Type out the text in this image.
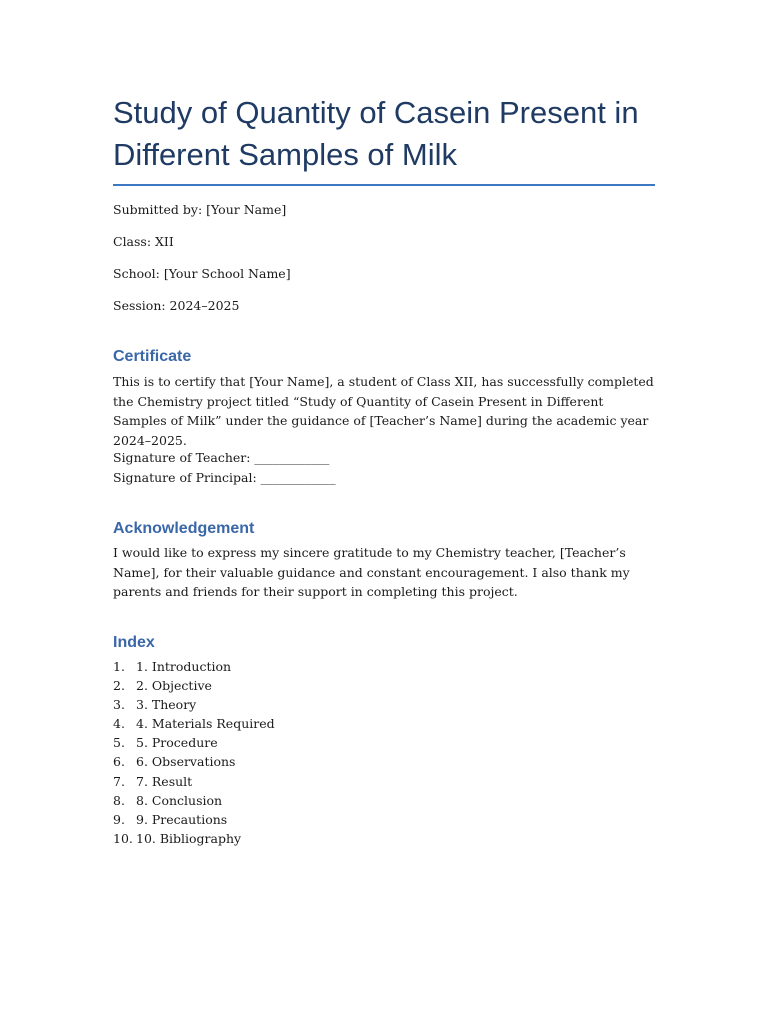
Study of Quantity of Casein Present in Different Samples of Milk

Submitted by: [Your Name]

Class: XII

School: [Your School Name]

Session: 2024–2025

Certificate

This is to certify that [Your Name], a student of Class XII, has successfully completed the Chemistry project titled “Study of Quantity of Casein Present in Different Samples of Milk” under the guidance of [Teacher’s Name] during the academic year 2024–2025.

Signature of Teacher: ____________

Signature of Principal: ____________

Acknowledgement

I would like to express my sincere gratitude to my Chemistry teacher, [Teacher’s Name], for their valuable guidance and constant encouragement. I also thank my parents and friends for their support in completing this project.

Index
1. 1. Introduction
2. 2. Objective
3. 3. Theory
4. 4. Materials Required
5. 5. Procedure
6. 6. Observations
7. 7. Result
8. 8. Conclusion
9. 9. Precautions
10. 10. Bibliography
